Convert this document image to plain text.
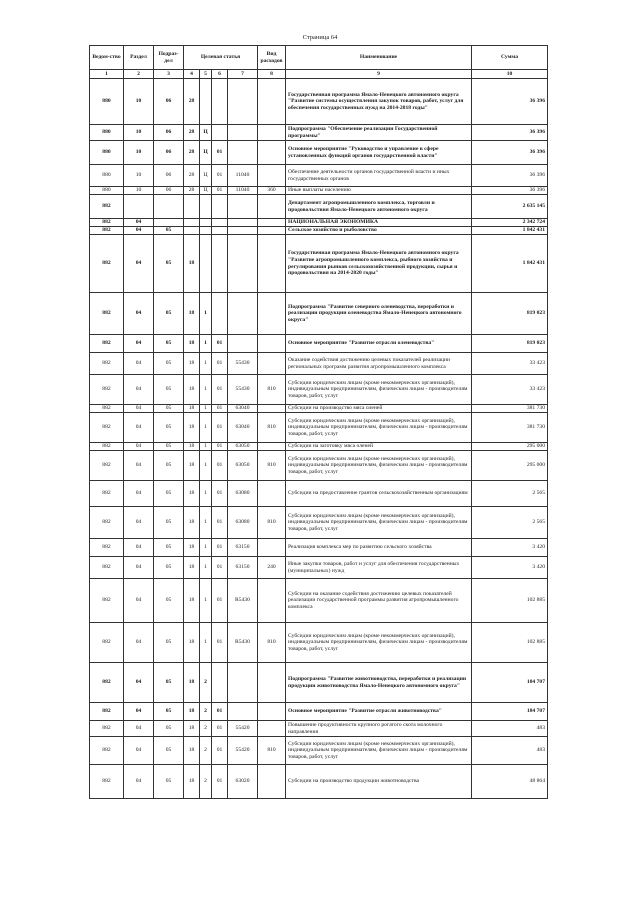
Страница 64
Ведом-ство	Раздел	Подраз-дел	Целевая статья				Вид расходов	Наименование	Сумма
1	2	3	4	5	6	7	8	9	10
880	10	06	28					Государственная программа Ямало-Ненецкого автономного округа "Развитие системы осуществления закупок товаров, работ, услуг для обеспечения государственных нужд на 2014-2018 годы"	36 396
880	10	06	28	Ц				Подпрограмма "Обеспечение реализации Государственной программы"	36 396
880	10	06	28	Ц	01			Основное мероприятие "Руководство и управление в сфере установленных функций органов государственной власти"	36 396
880	10	06	28	Ц	01	11040		Обеспечение деятельности органов государственной власти и иных государственных органов	36 396
880	10	06	28	Ц	01	11040	360	Иные выплаты населению	36 396
882								Департамент агропромышленного комплекса, торговли и продовольствия Ямало-Ненецкого автономного округа	2 635 145
882	04							НАЦИОНАЛЬНАЯ ЭКОНОМИКА	2 342 724
882	04	05						Сельское хозяйство и рыболовство	1 842 431
882	04	05	18					Государственная программа Ямало-Ненецкого автономного округа "Развитие агропромышленного комплекса, рыбного хозяйства и регулирования рынков сельскохозяйственной продукции, сырья и продовольствия на 2014-2020 годы"	1 842 431
882	04	05	18	1				Подпрограмма "Развитие северного оленеводства, переработки и реализации продукции оленеводства Ямало-Ненецкого автономного округа"	819 023
882	04	05	18	1	01			Основное мероприятие "Развитие отрасли оленеводства"	819 023
882	04	05	18	1	01	55430		Оказание содействия достижению целевых показателей реализации региональных программ развития агропромышленного комплекса	33 423
882	04	05	18	1	01	55430	810	Субсидии юридическим лицам (кроме некоммерческих организаций), индивидуальным предпринимателям, физическим лицам - производителям товаров, работ, услуг	33 423
882	04	05	18	1	01	63040		Субсидии на производство мяса оленей	381 730
882	04	05	18	1	01	63040	810	Субсидии юридическим лицам (кроме некоммерческих организаций), индивидуальным предпринимателям, физическим лицам - производителям товаров, работ, услуг	381 730
882	04	05	18	1	01	63050		Субсидии на заготовку мяса оленей	295 000
882	04	05	18	1	01	63050	810	Субсидии юридическим лицам (кроме некоммерческих организаций), индивидуальным предпринимателям, физическим лицам - производителям товаров, работ, услуг	295 000
882	04	05	18	1	01	63080		Субсидии на предоставление грантов сельскохозяйственным организациям	2 565
882	04	05	18	1	01	63080	810	Субсидии юридическим лицам (кроме некоммерческих организаций), индивидуальным предпринимателям, физическим лицам - производителям товаров, работ, услуг	2 565
882	04	05	18	1	01	63150		Реализация комплекса мер по развитию сельского хозяйства	3 420
882	04	05	18	1	01	63150	240	Иные закупки товаров, работ и услуг для обеспечения государственных (муниципальных) нужд	3 420
882	04	05	18	1	01	R5430		Субсидии на оказание содействия достижению целевых показателей реализации государственной программы развития агропромышленного комплекса	102 885
882	04	05	18	1	01	R5430	810	Субсидии юридическим лицам (кроме некоммерческих организаций), индивидуальным предпринимателям, физическим лицам - производителям товаров, работ, услуг	102 885
882	04	05	18	2				Подпрограмма "Развитие животноводства, переработки и реализации продукции животноводства Ямало-Ненецкого автономного округа"	184 707
882	04	05	18	2	01			Основное мероприятие "Развитие отрасли животноводства"	184 707
882	04	05	18	2	01	55420		Повышение продуктивности крупного рогатого скота молочного направления	483
882	04	05	18	2	01	55420	810	Субсидии юридическим лицам (кроме некоммерческих организаций), индивидуальным предпринимателям, физическим лицам - производителям товаров, работ, услуг	483
882	04	05	18	2	01	63020		Субсидии на производство продукции животноводства	48 864
